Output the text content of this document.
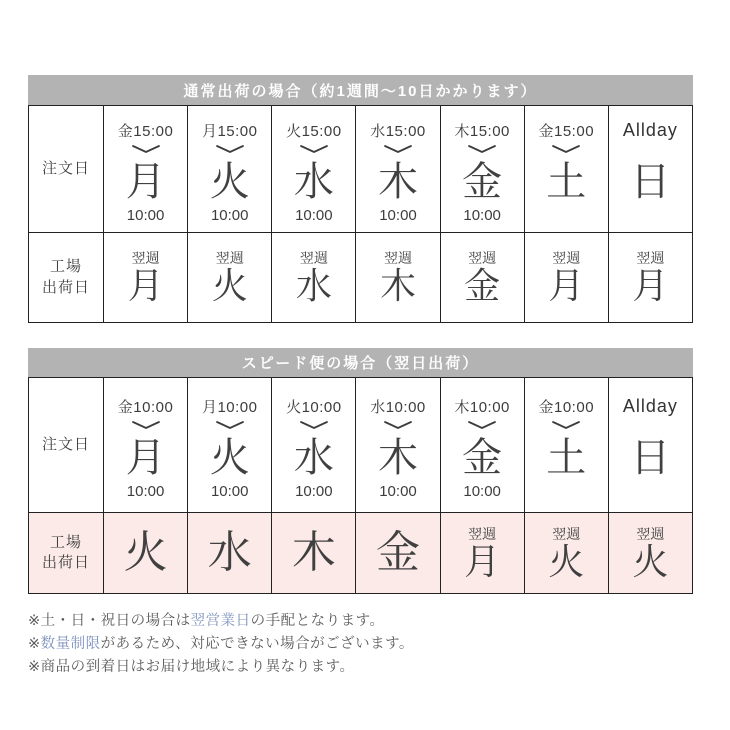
通常出荷の場合（約1週間〜10日かかります）
注文日
金15:00
月
10:00
月15:00
火
10:00
火15:00
水
10:00
水15:00
木
10:00
木15:00
金
10:00
金15:00
土
Allday
日
工場
出荷日
翌週
月
翌週
火
翌週
水
翌週
木
翌週
金
翌週
月
翌週
月
スピード便の場合（翌日出荷）
注文日
金10:00
月
10:00
月10:00
火
10:00
火10:00
水
10:00
水10:00
木
10:00
木10:00
金
10:00
金10:00
土
Allday
日
工場
出荷日 火 水 木 金	翌週
月
翌週
火
翌週
火

※土・日・祝日の場合は翌営業日の手配となります。

※数量制限があるため、対応できない場合がございます。

※商品の到着日はお届け地域により異なります。
